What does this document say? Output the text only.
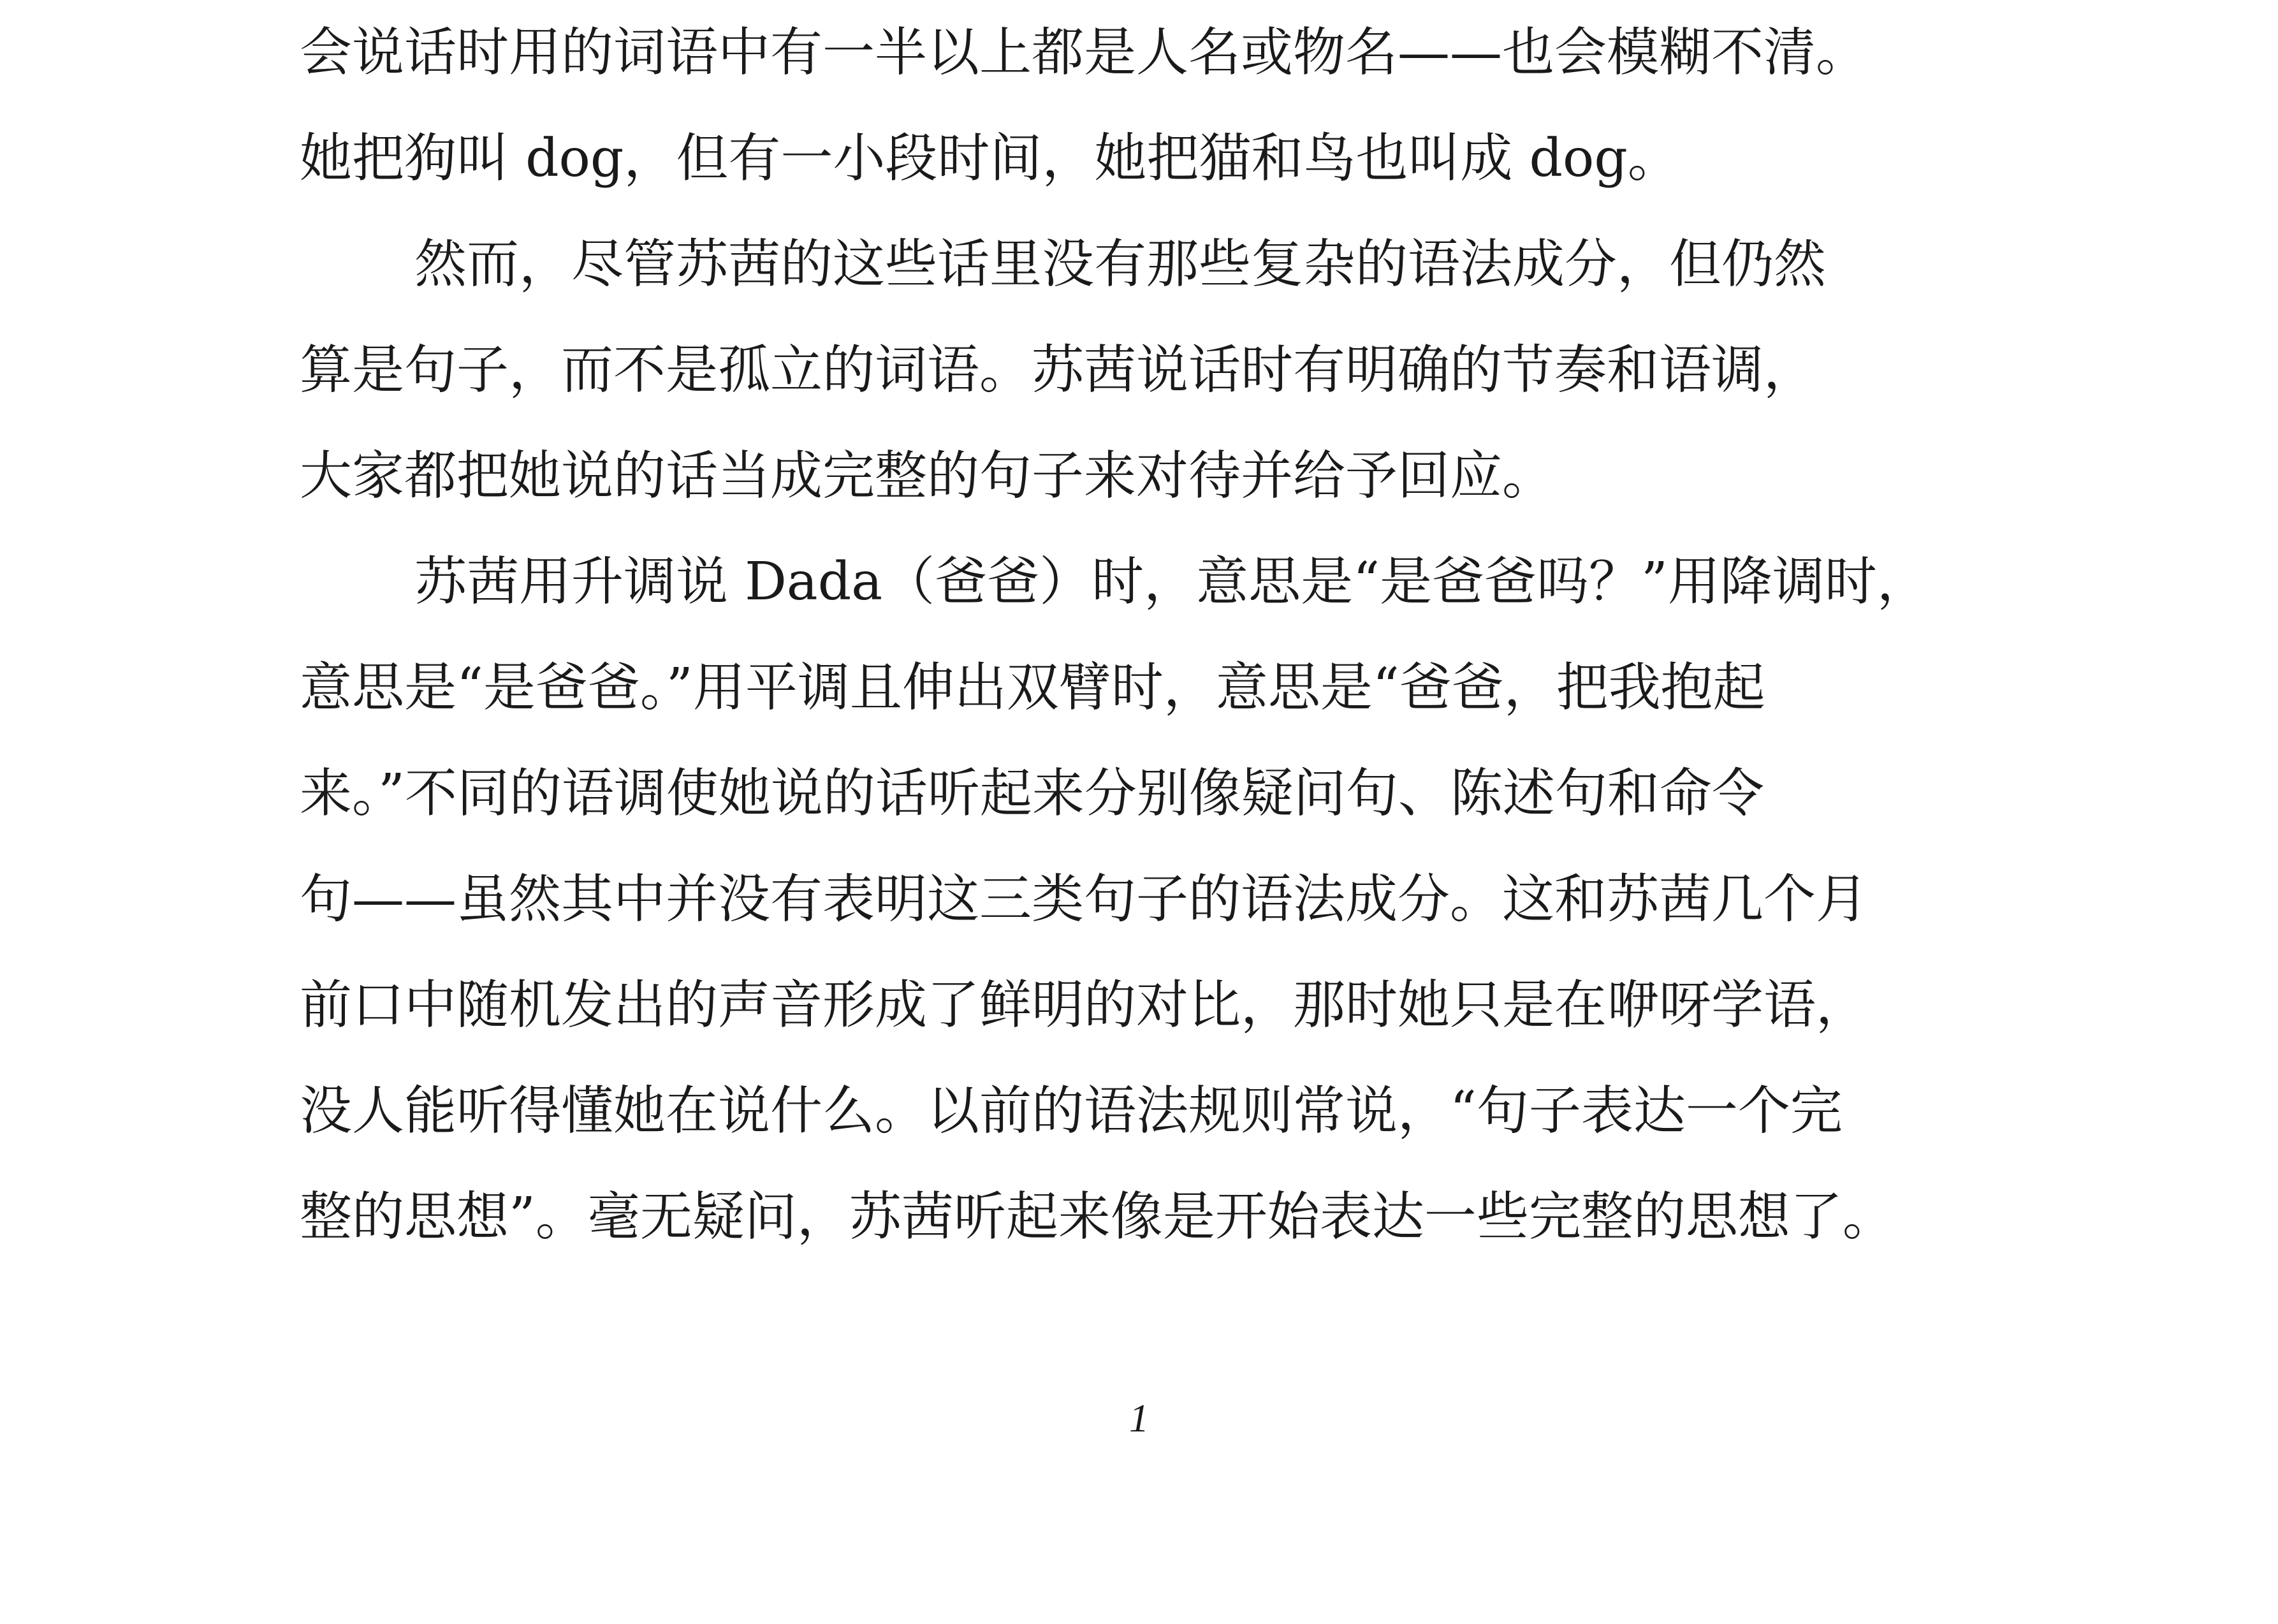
会说话时用的词语中有一半以上都是人名或物名——也会模糊不清。
她把狗叫 dog，但有一小段时间，她把猫和鸟也叫成 dog。
然而，尽管苏茜的这些话里没有那些复杂的语法成分，但仍然
算是句子，而不是孤立的词语。苏茜说话时有明确的节奏和语调，
大家都把她说的话当成完整的句子来对待并给予回应。
苏茜用升调说 Dada（爸爸）时，意思是“是爸爸吗？”用降调时，
意思是“是爸爸。”用平调且伸出双臂时，意思是“爸爸，把我抱起
来。”不同的语调使她说的话听起来分别像疑问句、陈述句和命令
句——虽然其中并没有表明这三类句子的语法成分。这和苏茜几个月
前口中随机发出的声音形成了鲜明的对比，那时她只是在咿呀学语，
没人能听得懂她在说什么。以前的语法规则常说，“句子表达一个完
整的思想”。毫无疑问，苏茜听起来像是开始表达一些完整的思想了。
1
